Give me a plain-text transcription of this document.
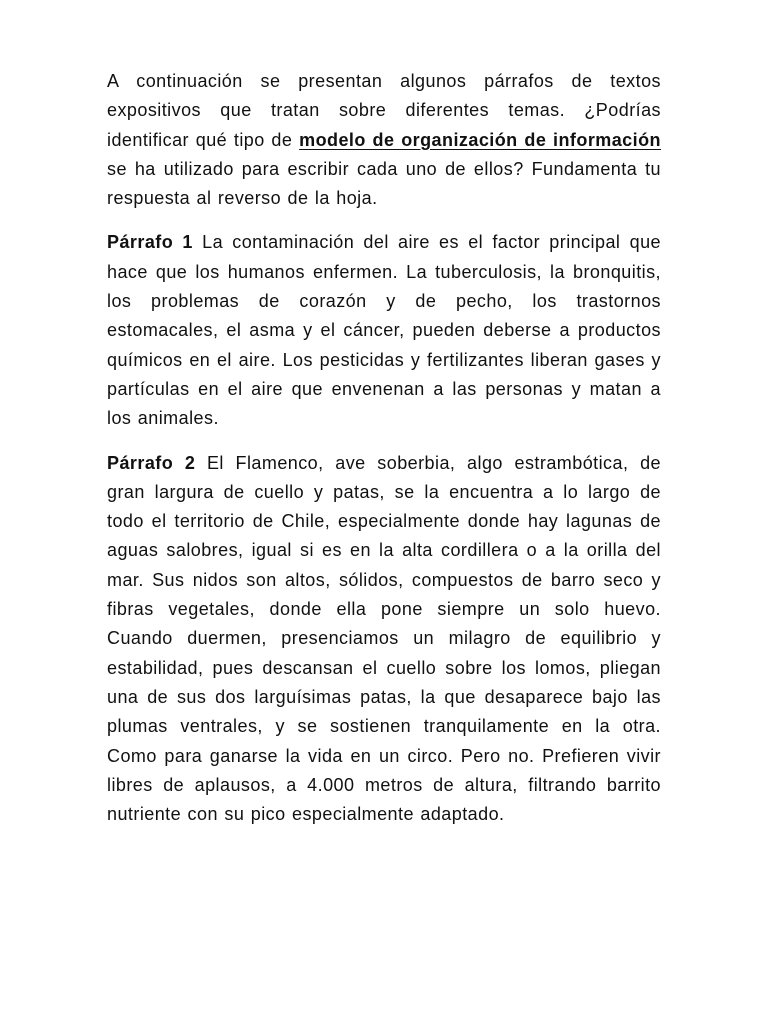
A continuación se presentan algunos párrafos de textos expositivos que tratan sobre diferentes temas. ¿Podrías identificar qué tipo de modelo de organización de información se ha utilizado para escribir cada uno de ellos? Fundamenta tu respuesta al reverso de la hoja.

Párrafo 1 La contaminación del aire es el factor principal que hace que los humanos enfermen. La tuberculosis, la bronquitis, los problemas de corazón y de pecho, los trastornos estomacales, el asma y el cáncer, pueden deberse a productos químicos en el aire. Los pesticidas y fertilizantes liberan gases y partículas en el aire que envenenan a las personas y matan a los animales.

Párrafo 2 El Flamenco, ave soberbia, algo estrambótica, de gran largura de cuello y patas, se la encuentra a lo largo de todo el territorio de Chile, especialmente donde hay lagunas de aguas salobres, igual si es en la alta cordillera o a la orilla del mar. Sus nidos son altos, sólidos, compuestos de barro seco y fibras vegetales, donde ella pone siempre un solo huevo. Cuando duermen, presenciamos un milagro de equilibrio y estabilidad, pues descansan el cuello sobre los lomos, pliegan una de sus dos larguísimas patas, la que desaparece bajo las plumas ventrales, y se sostienen tranquilamente en la otra. Como para ganarse la vida en un circo. Pero no. Prefieren vivir libres de aplausos, a 4.000 metros de altura, filtrando barrito nutriente con su pico especialmente adaptado.
